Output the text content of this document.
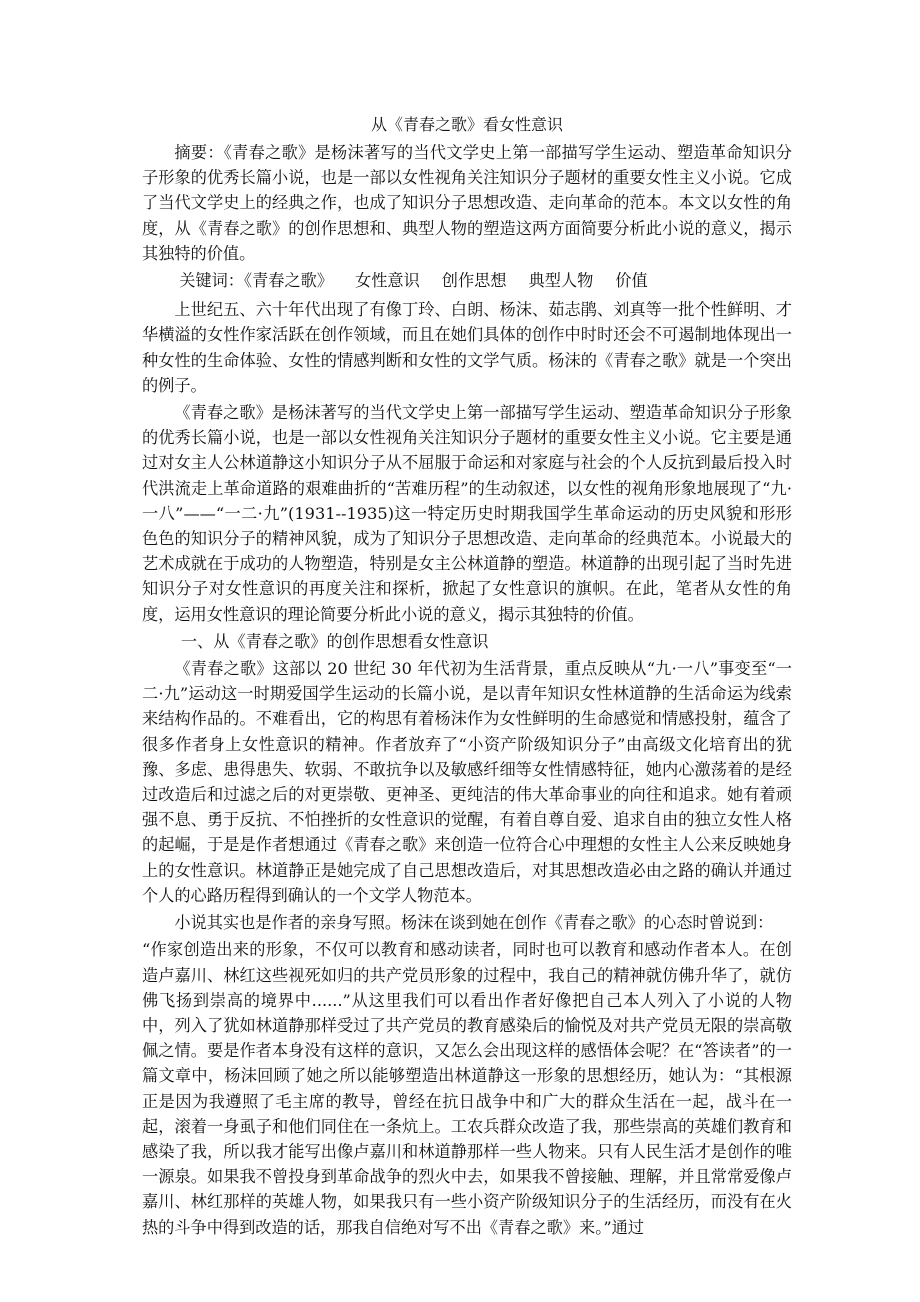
从《青春之歌》看女性意识

摘要：《青春之歌》是杨沫著写的当代文学史上第一部描写学生运动、塑造革命知识分子形象的优秀长篇小说，也是一部以女性视角关注知识分子题材的重要女性主义小说。它成了当代文学史上的经典之作，也成了知识分子思想改造、走向革命的范本。本文以女性的角度，从《青春之歌》的创作思想和、典型人物的塑造这两方面简要分析此小说的意义，揭示其独特的价值。

关键词：《青春之歌》 女性意识 创作思想 典型人物 价值

上世纪五、六十年代出现了有像丁玲、白朗、杨沫、茹志鹃、刘真等一批个性鲜明、才华横溢的女性作家活跃在创作领域，而且在她们具体的创作中时时还会不可遏制地体现出一种女性的生命体验、女性的情感判断和女性的文学气质。杨沫的《青春之歌》就是一个突出的例子。

《青春之歌》是杨沫著写的当代文学史上第一部描写学生运动、塑造革命知识分子形象的优秀长篇小说，也是一部以女性视角关注知识分子题材的重要女性主义小说。它主要是通过对女主人公林道静这小知识分子从不屈服于命运和对家庭与社会的个人反抗到最后投入时代洪流走上革命道路的艰难曲折的“苦难历程”的生动叙述，以女性的视角形象地展现了“九·一八”——“一二·九”(1931--1935)这一特定历史时期我国学生革命运动的历史风貌和形形色色的知识分子的精神风貌，成为了知识分子思想改造、走向革命的经典范本。小说最大的艺术成就在于成功的人物塑造，特别是女主公林道静的塑造。林道静的出现引起了当时先进知识分子对女性意识的再度关注和探析，掀起了女性意识的旗帜。在此，笔者从女性的角度，运用女性意识的理论简要分析此小说的意义，揭示其独特的价值。

一、从《青春之歌》的创作思想看女性意识

《青春之歌》这部以 20 世纪 30 年代初为生活背景，重点反映从“九·一八”事变至“一二·九”运动这一时期爱国学生运动的长篇小说，是以青年知识女性林道静的生活命运为线索来结构作品的。不难看出，它的构思有着杨沫作为女性鲜明的生命感觉和情感投射，蕴含了很多作者身上女性意识的精神。作者放弃了“小资产阶级知识分子”由高级文化培育出的犹豫、多虑、患得患失、软弱、不敢抗争以及敏感纤细等女性情感特征，她内心激荡着的是经过改造后和过滤之后的对更崇敬、更神圣、更纯洁的伟大革命事业的向往和追求。她有着顽强不息、勇于反抗、不怕挫折的女性意识的觉醒，有着自尊自爱、追求自由的独立女性人格的起崛，于是是作者想通过《青春之歌》来创造一位符合心中理想的女性主人公来反映她身上的女性意识。林道静正是她完成了自己思想改造后，对其思想改造必由之路的确认并通过个人的心路历程得到确认的一个文学人物范本。

小说其实也是作者的亲身写照。杨沫在谈到她在创作《青春之歌》的心态时曾说到：

“作家创造出来的形象，不仅可以教育和感动读者，同时也可以教育和感动作者本人。在创造卢嘉川、林红这些视死如归的共产党员形象的过程中，我自己的精神就仿佛升华了，就仿佛飞扬到崇高的境界中......”从这里我们可以看出作者好像把自己本人列入了小说的人物中，列入了犹如林道静那样受过了共产党员的教育感染后的愉悦及对共产党员无限的崇高敬佩之情。要是作者本身没有这样的意识，又怎么会出现这样的感悟体会呢？在“答读者”的一篇文章中，杨沫回顾了她之所以能够塑造出林道静这一形象的思想经历，她认为：“其根源正是因为我遵照了毛主席的教导，曾经在抗日战争中和广大的群众生活在一起，战斗在一起，滚着一身虱子和他们同住在一条炕上。工农兵群众改造了我，那些崇高的英雄们教育和感染了我，所以我才能写出像卢嘉川和林道静那样一些人物来。只有人民生活才是创作的唯一源泉。如果我不曾投身到革命战争的烈火中去，如果我不曾接触、理解，并且常常爱像卢嘉川、林红那样的英雄人物，如果我只有一些小资产阶级知识分子的生活经历，而没有在火热的斗争中得到改造的话，那我自信绝对写不出《青春之歌》来。”通过
